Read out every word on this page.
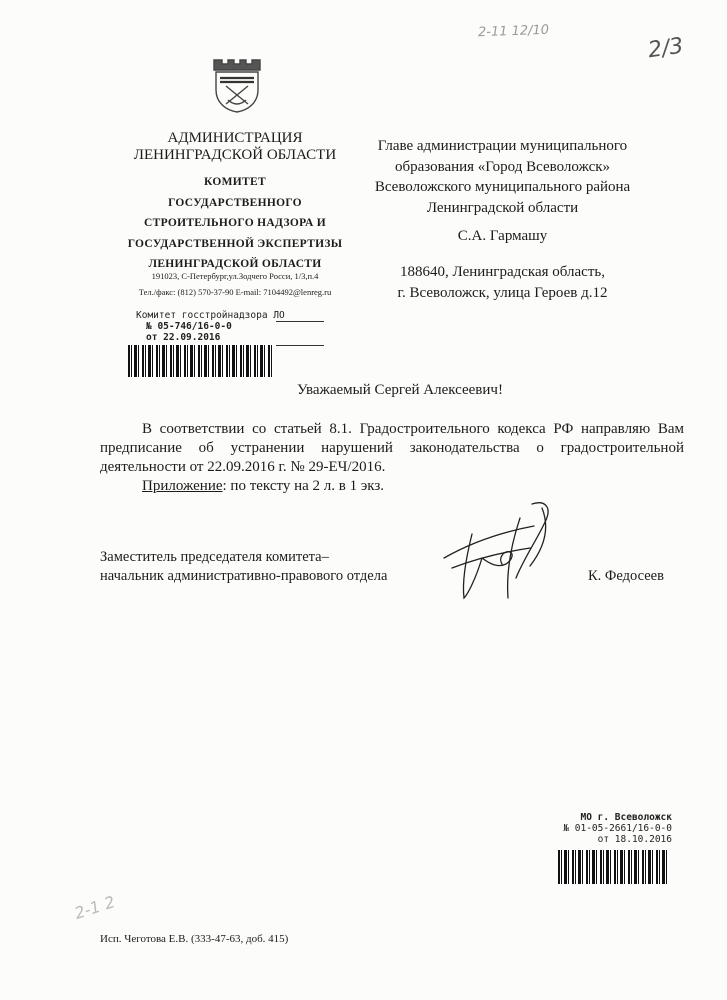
2-11 12/10
2/3
АДМИНИСТРАЦИЯ
ЛЕНИНГРАДСКОЙ ОБЛАСТИ
КОМИТЕТ
ГОСУДАРСТВЕННОГО
СТРОИТЕЛЬНОГО НАДЗОРА И
ГОСУДАРСТВЕННОЙ ЭКСПЕРТИЗЫ
ЛЕНИНГРАДСКОЙ ОБЛАСТИ
191023, С-Петербург,ул.Зодчего Росси, 1/3,п.4
Тел./факс: (812) 570-37-90 E-mail: 7104492@lenreg.ru
Комитет госстройнадзора ЛО
№ 05-746/16-0-0
от 22.09.2016
Главе администрации муниципального
образования «Город Всеволожск»
Всеволожского муниципального района
Ленинградской области
С.А. Гармашу
188640, Ленинградская область,
г. Всеволожск, улица Героев д.12
Уважаемый Сергей Алексеевич!
В соответствии со статьей 8.1. Градостроительного кодекса РФ направляю Вам предписание об устранении нарушений законодательства о градостроительной деятельности от 22.09.2016 г. № 29-ЕЧ/2016.
Приложение: по тексту на 2 л. в 1 экз.
Заместитель председателя комитета–
начальник административно-правового отдела	К. Федосеев
МО г. Всеволожск
№ 01-05-2661/16-0-0
от 18.10.2016
2-1 2
Исп. Чеготова Е.В. (333-47-63, доб. 415)
